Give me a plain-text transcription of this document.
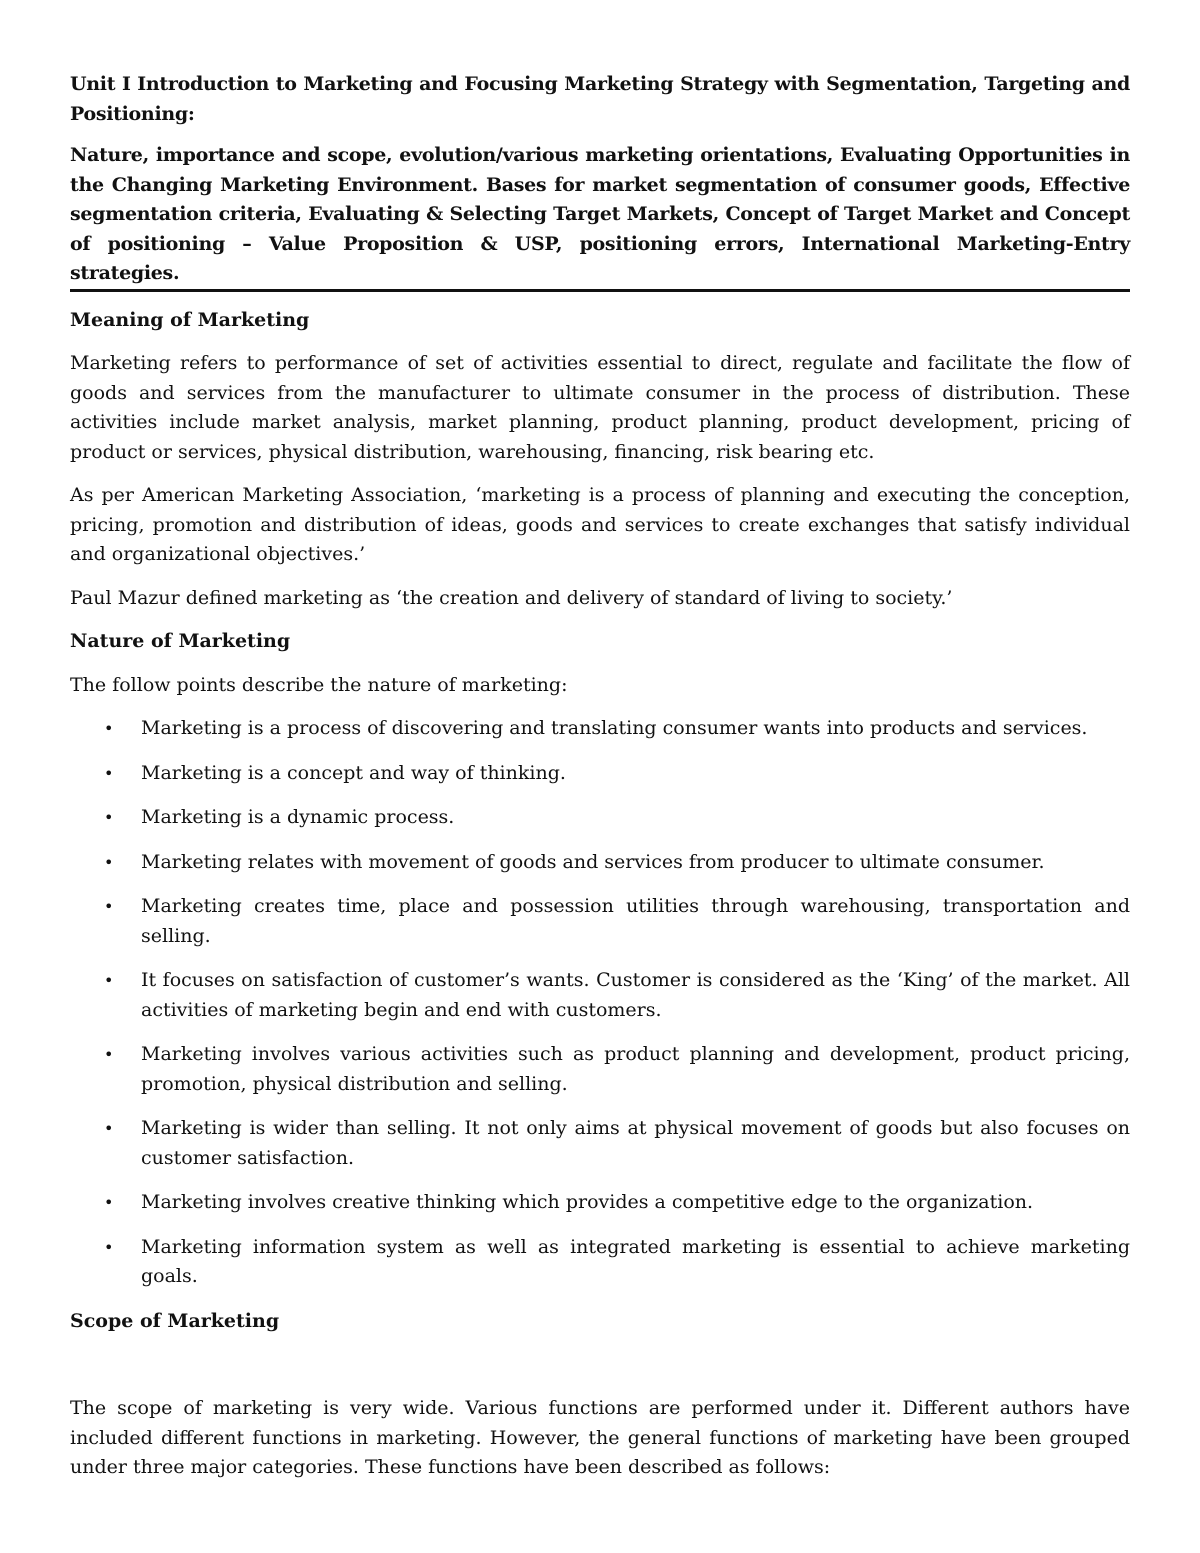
Unit I Introduction to Marketing and Focusing Marketing Strategy with Segmentation, Targeting and Positioning:

Nature, importance and scope, evolution/various marketing orientations, Evaluating Opportunities in the Changing Marketing Environment. Bases for market segmentation of consumer goods, Effective segmentation criteria, Evaluating & Selecting Target Markets, Concept of Target Market and Concept of positioning – Value Proposition & USP, positioning errors, International Marketing-Entry strategies.

Meaning of Marketing

Marketing refers to performance of set of activities essential to direct, regulate and facilitate the flow of goods and services from the manufacturer to ultimate consumer in the process of distribution. These activities include market analysis, market planning, product planning, product development, pricing of product or services, physical distribution, warehousing, financing, risk bearing etc.

As per American Marketing Association, ‘marketing is a process of planning and executing the conception, pricing, promotion and distribution of ideas, goods and services to create exchanges that satisfy individual and organizational objectives.’

Paul Mazur defined marketing as ‘the creation and delivery of standard of living to society.’

Nature of Marketing

The follow points describe the nature of marketing:

• Marketing is a process of discovering and translating consumer wants into products and services.
• Marketing is a concept and way of thinking.
• Marketing is a dynamic process.
• Marketing relates with movement of goods and services from producer to ultimate consumer.
• Marketing creates time, place and possession utilities through warehousing, transportation and selling.
• It focuses on satisfaction of customer’s wants. Customer is considered as the ‘King’ of the market. All activities of marketing begin and end with customers.
• Marketing involves various activities such as product planning and development, product pricing, promotion, physical distribution and selling.
• Marketing is wider than selling. It not only aims at physical movement of goods but also focuses on customer satisfaction.
• Marketing involves creative thinking which provides a competitive edge to the organization.
• Marketing information system as well as integrated marketing is essential to achieve marketing goals.
Scope of Marketing

The scope of marketing is very wide. Various functions are performed under it. Different authors have included different functions in marketing. However, the general functions of marketing have been grouped under three major categories. These functions have been described as follows:
